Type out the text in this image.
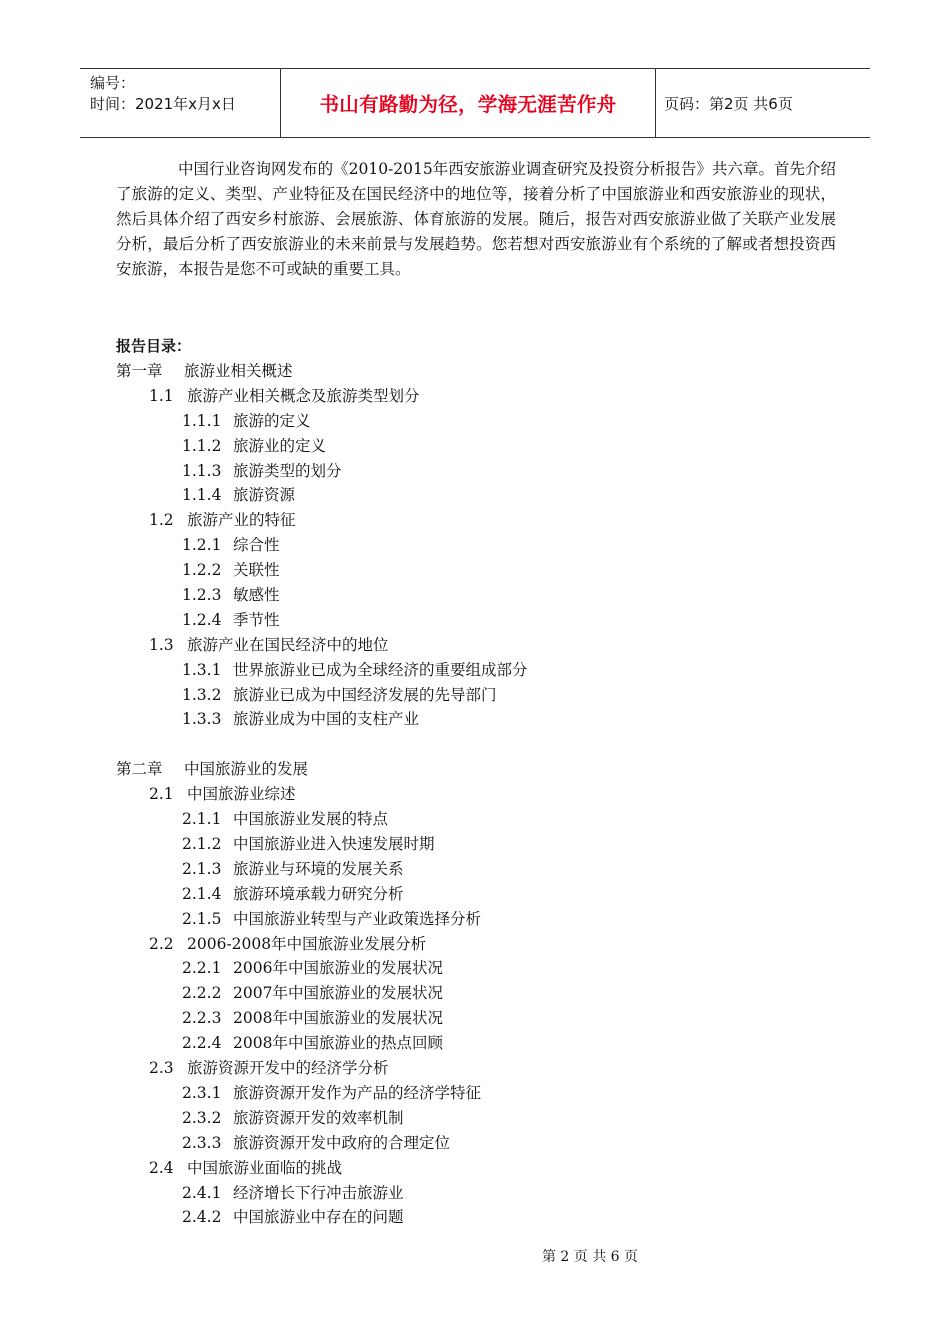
编号：
时间：2021年x月x日	书山有路勤为径，学海无涯苦作舟	页码：第2页 共6页
中国行业咨询网发布的《2010-2015年西安旅游业调查研究及投资分析报告》共六章。首先介绍了旅游的定义、类型、产业特征及在国民经济中的地位等，接着分析了中国旅游业和西安旅游业的现状，然后具体介绍了西安乡村旅游、会展旅游、体育旅游的发展。随后，报告对西安旅游业做了关联产业发展分析，最后分析了西安旅游业的未来前景与发展趋势。您若想对西安旅游业有个系统的了解或者想投资西安旅游，本报告是您不可或缺的重要工具。
报告目录：
第一章 旅游业相关概述
1.1 旅游产业相关概念及旅游类型划分
1.1.1 旅游的定义
1.1.2 旅游业的定义
1.1.3 旅游类型的划分
1.1.4 旅游资源
1.2 旅游产业的特征
1.2.1 综合性
1.2.2 关联性
1.2.3 敏感性
1.2.4 季节性
1.3 旅游产业在国民经济中的地位
1.3.1 世界旅游业已成为全球经济的重要组成部分
1.3.2 旅游业已成为中国经济发展的先导部门
1.3.3 旅游业成为中国的支柱产业
第二章 中国旅游业的发展
2.1 中国旅游业综述
2.1.1 中国旅游业发展的特点
2.1.2 中国旅游业进入快速发展时期
2.1.3 旅游业与环境的发展关系
2.1.4 旅游环境承载力研究分析
2.1.5 中国旅游业转型与产业政策选择分析
2.2 2006-2008年中国旅游业发展分析
2.2.1 2006年中国旅游业的发展状况
2.2.2 2007年中国旅游业的发展状况
2.2.3 2008年中国旅游业的发展状况
2.2.4 2008年中国旅游业的热点回顾
2.3 旅游资源开发中的经济学分析
2.3.1 旅游资源开发作为产品的经济学特征
2.3.2 旅游资源开发的效率机制
2.3.3 旅游资源开发中政府的合理定位
2.4 中国旅游业面临的挑战
2.4.1 经济增长下行冲击旅游业
2.4.2 中国旅游业中存在的问题
第 2 页 共 6 页
